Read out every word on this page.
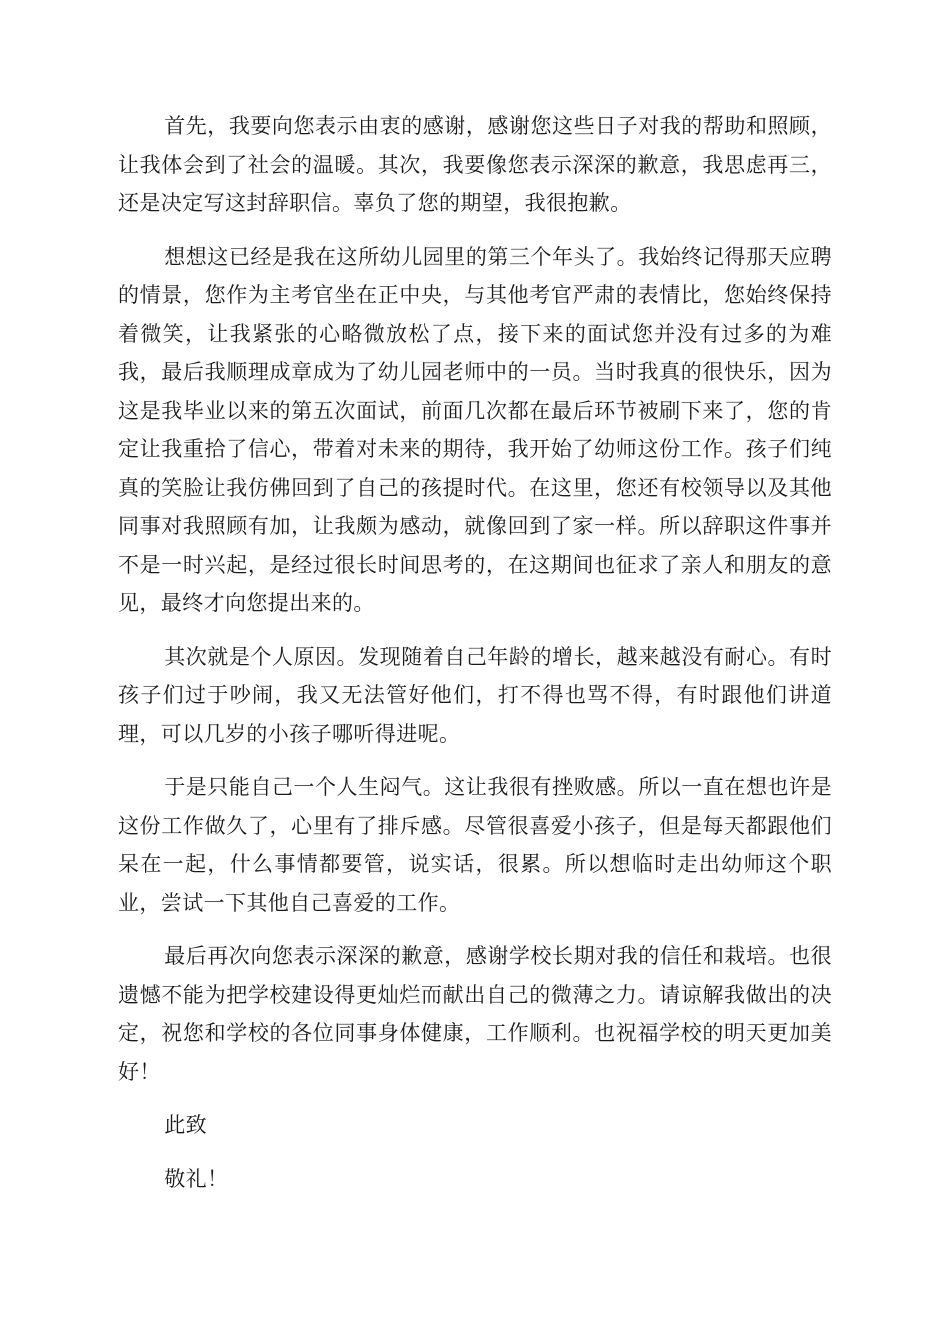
首先，我要向您表示由衷的感谢，感谢您这些日子对我的帮助和照顾，让我体会到了社会的温暖。其次，我要像您表示深深的歉意，我思虑再三，还是决定写这封辞职信。辜负了您的期望，我很抱歉。

想想这已经是我在这所幼儿园里的第三个年头了。我始终记得那天应聘的情景，您作为主考官坐在正中央，与其他考官严肃的表情比，您始终保持着微笑，让我紧张的心略微放松了点，接下来的面试您并没有过多的为难我，最后我顺理成章成为了幼儿园老师中的一员。当时我真的很快乐，因为这是我毕业以来的第五次面试，前面几次都在最后环节被刷下来了，您的肯定让我重拾了信心，带着对未来的期待，我开始了幼师这份工作。孩子们纯真的笑脸让我仿佛回到了自己的孩提时代。在这里，您还有校领导以及其他同事对我照顾有加，让我颇为感动，就像回到了家一样。所以辞职这件事并不是一时兴起，是经过很长时间思考的，在这期间也征求了亲人和朋友的意见，最终才向您提出来的。

其次就是个人原因。发现随着自己年龄的增长，越来越没有耐心。有时孩子们过于吵闹，我又无法管好他们，打不得也骂不得，有时跟他们讲道理，可以几岁的小孩子哪听得进呢。

于是只能自己一个人生闷气。这让我很有挫败感。所以一直在想也许是这份工作做久了，心里有了排斥感。尽管很喜爱小孩子，但是每天都跟他们呆在一起，什么事情都要管，说实话，很累。所以想临时走出幼师这个职业，尝试一下其他自己喜爱的工作。

最后再次向您表示深深的歉意，感谢学校长期对我的信任和栽培。也很遗憾不能为把学校建设得更灿烂而献出自己的微薄之力。请谅解我做出的决定，祝您和学校的各位同事身体健康，工作顺利。也祝福学校的明天更加美好！

此致

敬礼！
